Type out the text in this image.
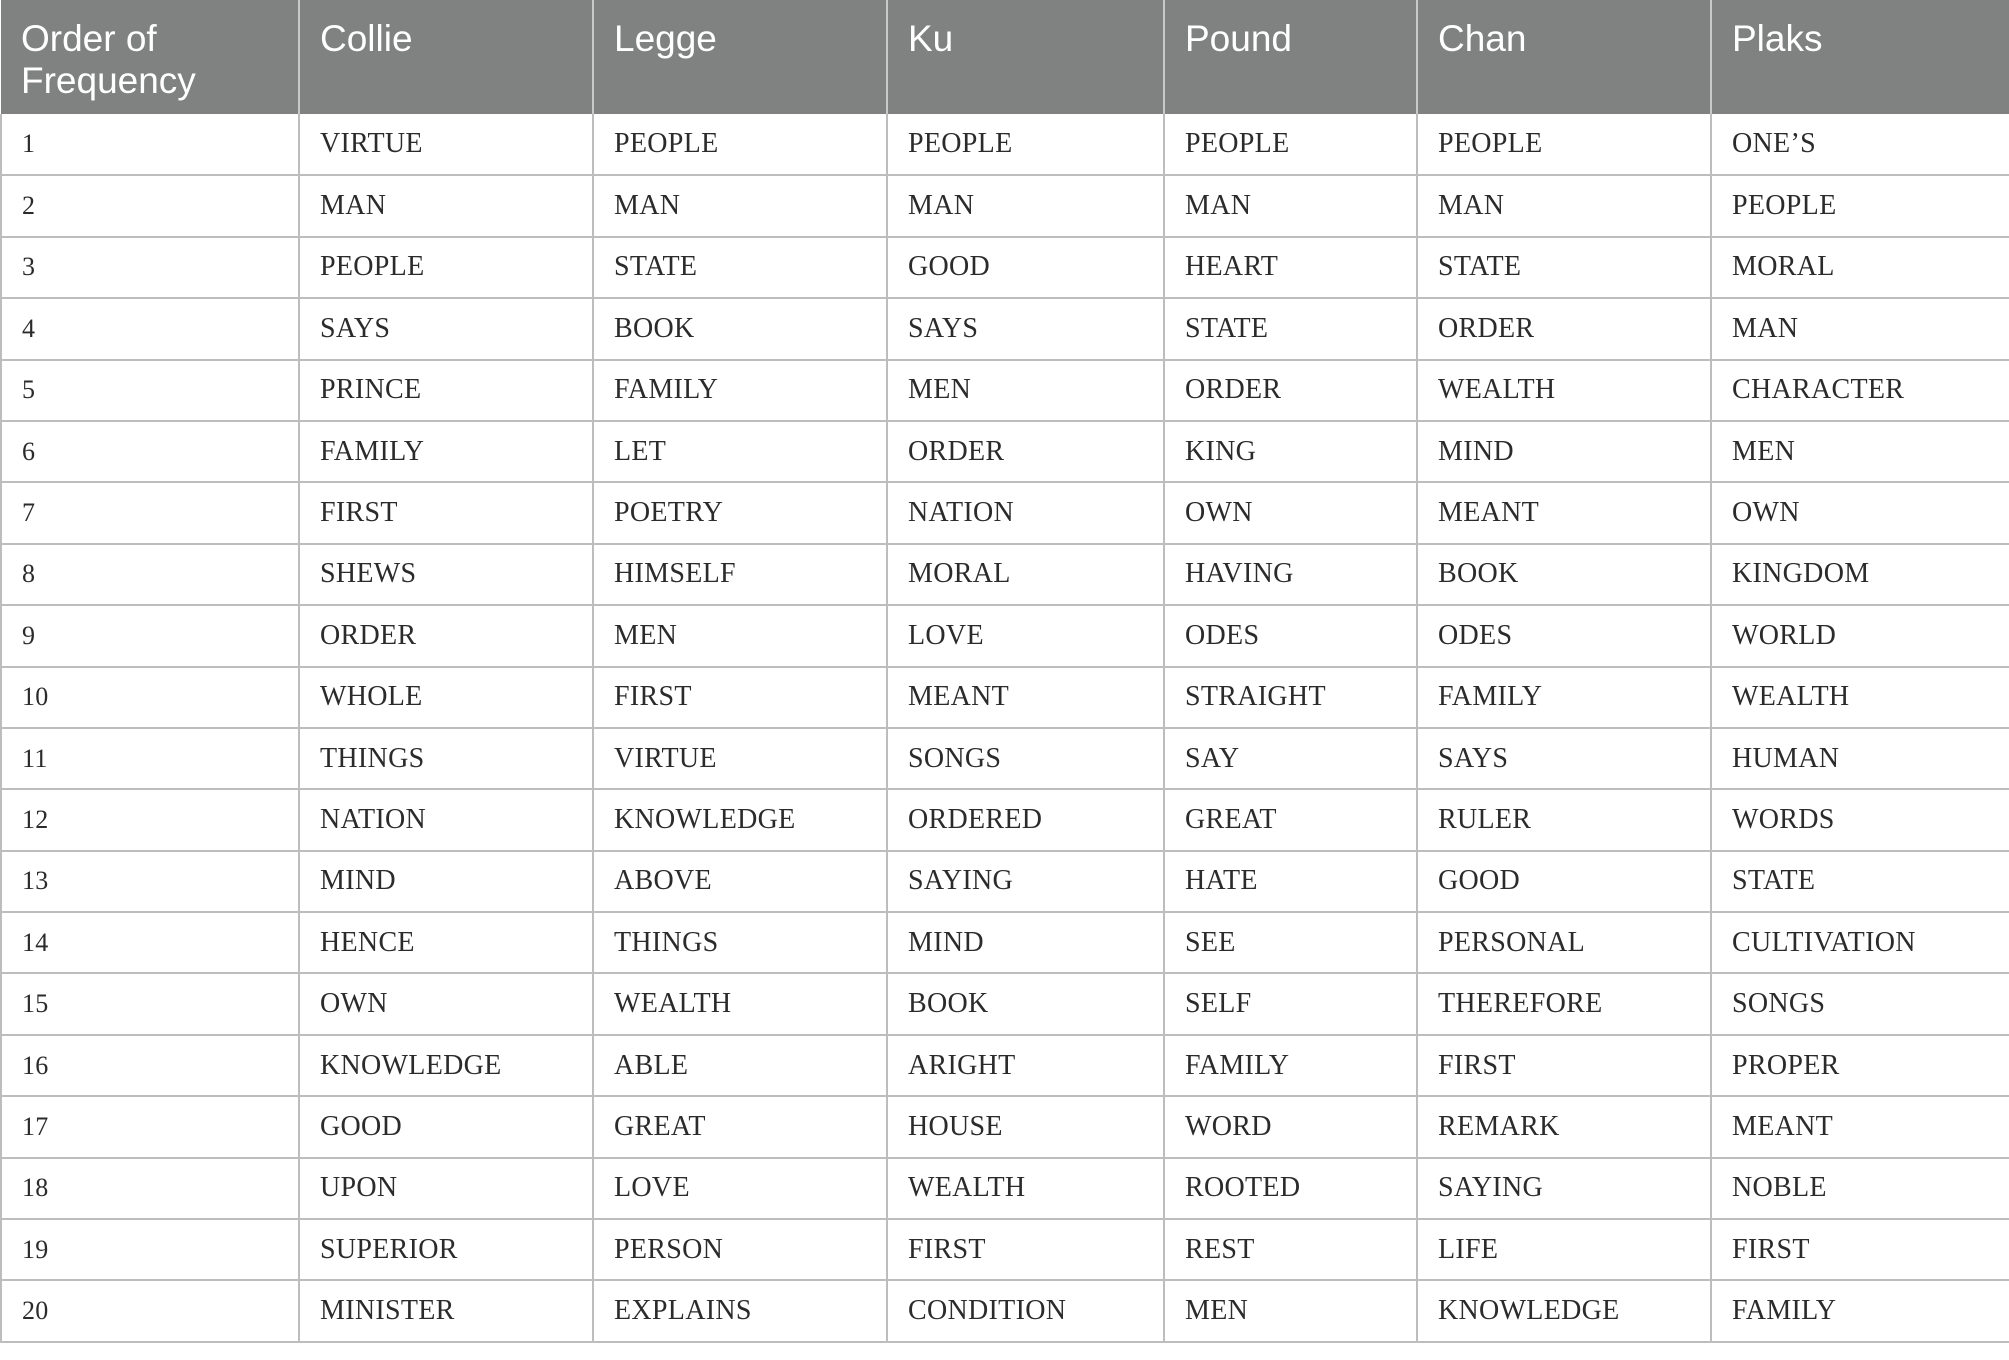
Order of Frequency	Collie	Legge	Ku	Pound	Chan	Plaks
1	VIRTUE	PEOPLE	PEOPLE	PEOPLE	PEOPLE	ONE’S
2	MAN	MAN	MAN	MAN	MAN	PEOPLE
3	PEOPLE	STATE	GOOD	HEART	STATE	MORAL
4	SAYS	BOOK	SAYS	STATE	ORDER	MAN
5	PRINCE	FAMILY	MEN	ORDER	WEALTH	CHARACTER
6	FAMILY	LET	ORDER	KING	MIND	MEN
7	FIRST	POETRY	NATION	OWN	MEANT	OWN
8	SHEWS	HIMSELF	MORAL	HAVING	BOOK	KINGDOM
9	ORDER	MEN	LOVE	ODES	ODES	WORLD
10	WHOLE	FIRST	MEANT	STRAIGHT	FAMILY	WEALTH
11	THINGS	VIRTUE	SONGS	SAY	SAYS	HUMAN
12	NATION	KNOWLEDGE	ORDERED	GREAT	RULER	WORDS
13	MIND	ABOVE	SAYING	HATE	GOOD	STATE
14	HENCE	THINGS	MIND	SEE	PERSONAL	CULTIVATION
15	OWN	WEALTH	BOOK	SELF	THEREFORE	SONGS
16	KNOWLEDGE	ABLE	ARIGHT	FAMILY	FIRST	PROPER
17	GOOD	GREAT	HOUSE	WORD	REMARK	MEANT
18	UPON	LOVE	WEALTH	ROOTED	SAYING	NOBLE
19	SUPERIOR	PERSON	FIRST	REST	LIFE	FIRST
20	MINISTER	EXPLAINS	CONDITION	MEN	KNOWLEDGE	FAMILY
